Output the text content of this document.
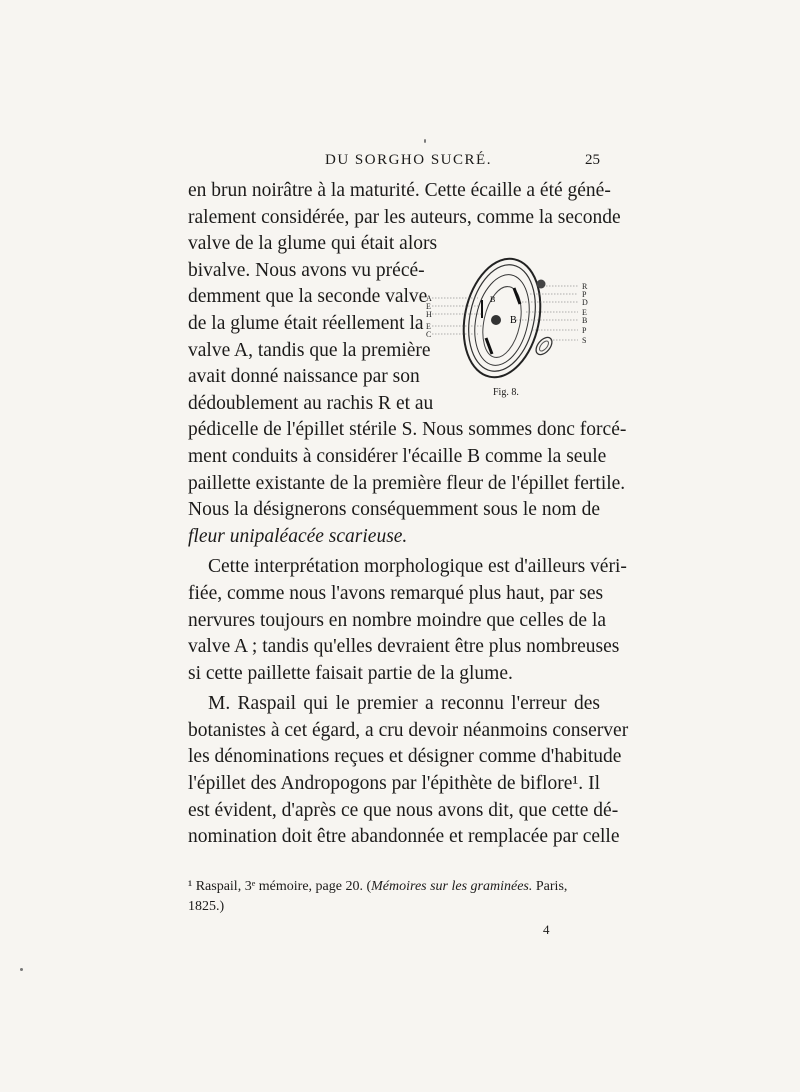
DU SORGHO SUCRÉ.	25

en brun noirâtre à la maturité. Cette écaille a été géné-
ralement considérée, par les auteurs, comme la seconde
valve de la glume qui était alors
bivalve. Nous avons vu précé-
demment que la seconde valve
de la glume était réellement la
valve A, tandis que la première
avait donné naissance par son
dédoublement au rachis R et au
pédicelle de l'épillet stérile S. Nous sommes donc forcé-
ment conduits à considérer l'écaille B comme la seule
paillette existante de la première fleur de l'épillet fertile.
Nous la désignerons conséquemment sous le nom de
fleur unipaléacée scarieuse.

Cette interprétation morphologique est d'ailleurs véri-
fiée, comme nous l'avons remarqué plus haut, par ses
nervures toujours en nombre moindre que celles de la
valve A ; tandis qu'elles devraient être plus nombreuses
si cette paillette faisait partie de la glume.

M. Raspail qui le premier a reconnu l'erreur des
botanistes à cet égard, a cru devoir néanmoins conserver
les dénominations reçues et désigner comme d'habitude
l'épillet des Andropogons par l'épithète de biflore¹. Il
est évident, d'après ce que nous avons dit, que cette dé-
nomination doit être abandonnée et remplacée par celle

B
B
A
E
H
E
C
R
P
D
E
B
P
S
Fig. 8.
¹ Raspail, 3ᵉ mémoire, page 20. (Mémoires sur les graminées. Paris,
1825.)
4
